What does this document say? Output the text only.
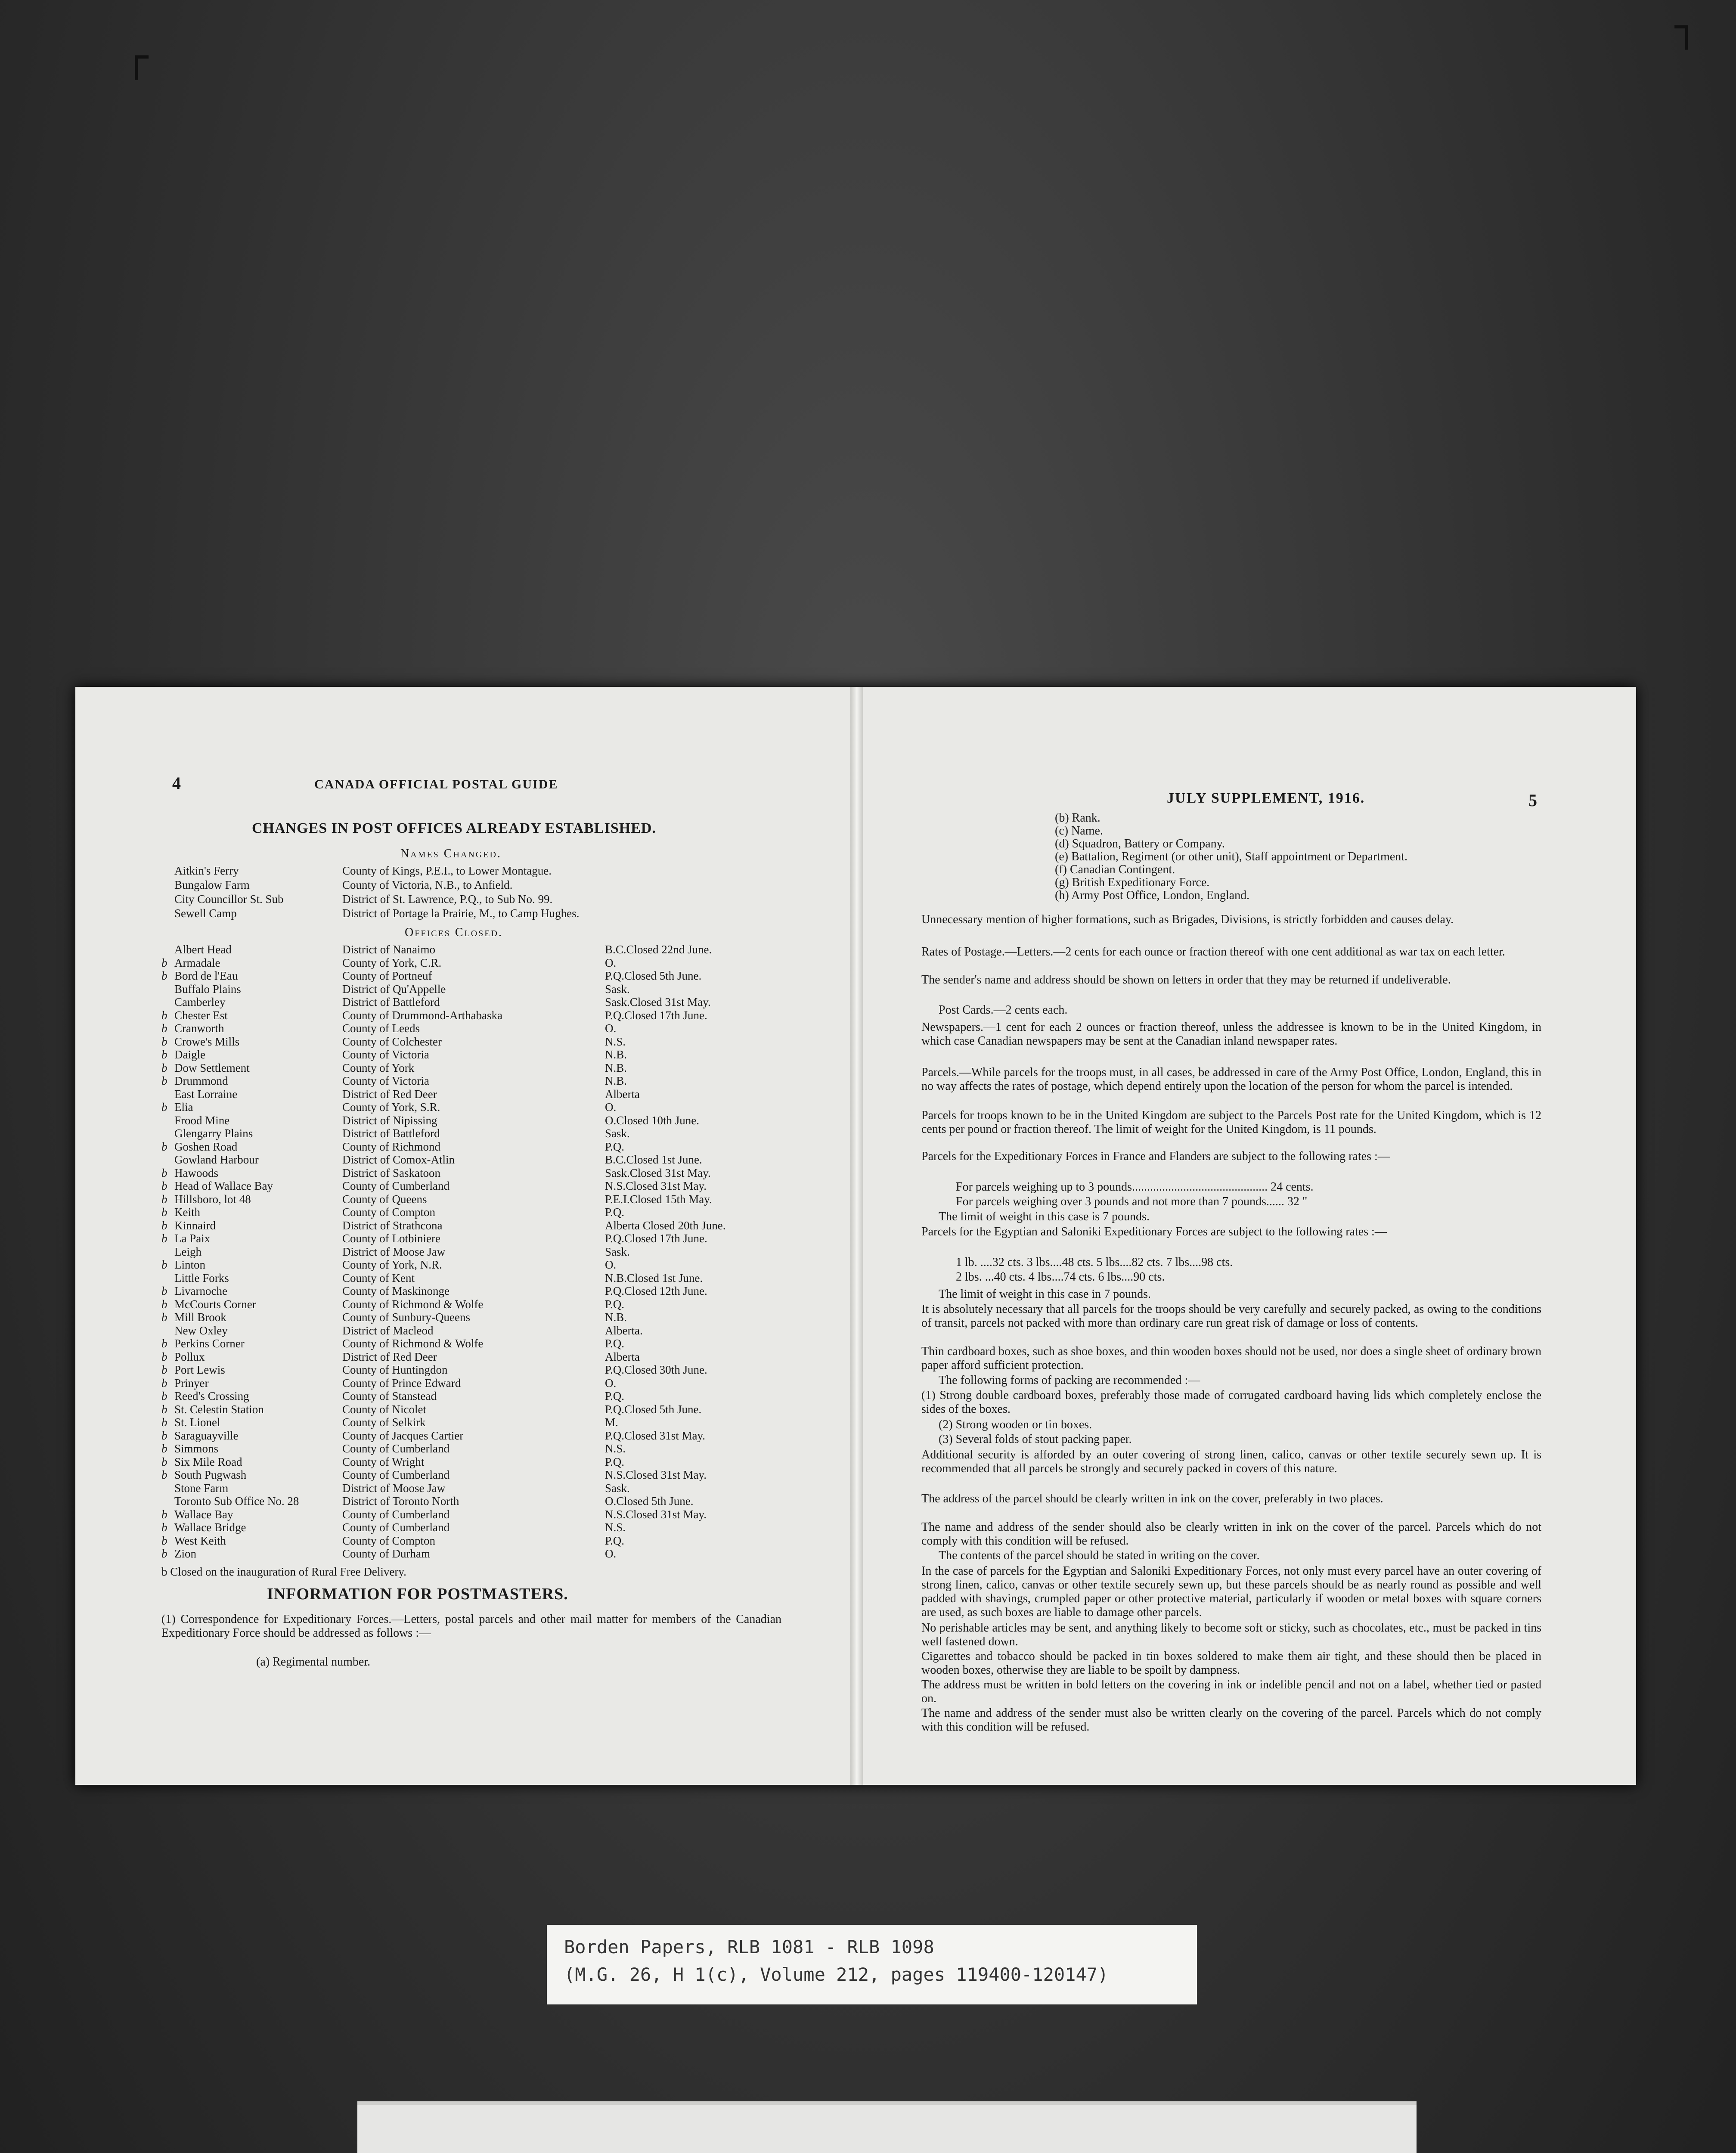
┌
┐
4	CANADA OFFICIAL POSTAL GUIDE
CHANGES IN POST OFFICES ALREADY ESTABLISHED.
Names Changed.
Aitkin's Ferry	County of Kings, P.E.I., to Lower Montague.
Bungalow Farm	County of Victoria, N.B., to Anfield.
City Councillor St. Sub	District of St. Lawrence, P.Q., to Sub No. 99.
Sewell Camp	District of Portage la Prairie, M., to Camp Hughes.
Offices Closed.
Albert Head	District of Nanaimo	B.C.Closed 22nd June.
b Armadale	County of York, C.R.	O.
b Bord de l'Eau	County of Portneuf	P.Q.Closed 5th June.
Buffalo Plains	District of Qu'Appelle	Sask.
Camberley	District of Battleford	Sask.Closed 31st May.
b Chester Est	County of Drummond-Arthabaska	P.Q.Closed 17th June.
b Cranworth	County of Leeds	O.
b Crowe's Mills	County of Colchester	N.S.
b Daigle	County of Victoria	N.B.
b Dow Settlement	County of York	N.B.
b Drummond	County of Victoria	N.B.
East Lorraine	District of Red Deer	Alberta
b Elia	County of York, S.R.	O.
Frood Mine	District of Nipissing	O.Closed 10th June.
Glengarry Plains	District of Battleford	Sask.
b Goshen Road	County of Richmond	P.Q.
Gowland Harbour	District of Comox-Atlin	B.C.Closed 1st June.
b Hawoods	District of Saskatoon	Sask.Closed 31st May.
b Head of Wallace Bay	County of Cumberland	N.S.Closed 31st May.
b Hillsboro, lot 48	County of Queens	P.E.I.Closed 15th May.
b Keith	County of Compton	P.Q.
b Kinnaird	District of Strathcona	Alberta Closed 20th June.
b La Paix	County of Lotbiniere	P.Q.Closed 17th June.
Leigh	District of Moose Jaw	Sask.
b Linton	County of York, N.R.	O.
Little Forks	County of Kent	N.B.Closed 1st June.
b Livarnoche	County of Maskinonge	P.Q.Closed 12th June.
b McCourts Corner	County of Richmond & Wolfe	P.Q.
b Mill Brook	County of Sunbury-Queens	N.B.
New Oxley	District of Macleod	Alberta.
b Perkins Corner	County of Richmond & Wolfe	P.Q.
b Pollux	District of Red Deer	Alberta
b Port Lewis	County of Huntingdon	P.Q.Closed 30th June.
b Prinyer	County of Prince Edward	O.
b Reed's Crossing	County of Stanstead	P.Q.
b St. Celestin Station	County of Nicolet	P.Q.Closed 5th June.
b St. Lionel	County of Selkirk	M.
b Saraguayville	County of Jacques Cartier	P.Q.Closed 31st May.
b Simmons	County of Cumberland	N.S.
b Six Mile Road	County of Wright	P.Q.
b South Pugwash	County of Cumberland	N.S.Closed 31st May.
Stone Farm	District of Moose Jaw	Sask.
Toronto Sub Office No. 28	District of Toronto North	O.Closed 5th June.
b Wallace Bay	County of Cumberland	N.S.Closed 31st May.
b Wallace Bridge	County of Cumberland	N.S.
b West Keith	County of Compton	P.Q.
b Zion	County of Durham	O.
b Closed on the inauguration of Rural Free Delivery.
INFORMATION FOR POSTMASTERS.
(1) Correspondence for Expeditionary Forces.—Letters, postal parcels and other mail matter for members of the Canadian Expeditionary Force should be addressed as follows :—
(a) Regimental number.
JULY SUPPLEMENT, 1916.	5
(b) Rank.
(c) Name.
(d) Squadron, Battery or Company.
(e) Battalion, Regiment (or other unit), Staff appointment or Department.
(f) Canadian Contingent.
(g) British Expeditionary Force.
(h) Army Post Office, London, England.
Unnecessary mention of higher formations, such as Brigades, Divisions, is strictly forbidden and causes delay.
Rates of Postage.—Letters.—2 cents for each ounce or fraction thereof with one cent additional as war tax on each letter.
The sender's name and address should be shown on letters in order that they may be returned if undeliverable.
Post Cards.—2 cents each.
Newspapers.—1 cent for each 2 ounces or fraction thereof, unless the addressee is known to be in the United Kingdom, in which case Canadian newspapers may be sent at the Canadian inland newspaper rates.
Parcels.—While parcels for the troops must, in all cases, be addressed in care of the Army Post Office, London, England, this in no way affects the rates of postage, which depend entirely upon the location of the person for whom the parcel is intended.
Parcels for troops known to be in the United Kingdom are subject to the Parcels Post rate for the United Kingdom, which is 12 cents per pound or fraction thereof. The limit of weight for the United Kingdom, is 11 pounds.
Parcels for the Expeditionary Forces in France and Flanders are subject to the following rates :—
For parcels weighing up to 3 pounds............................................. 24 cents.
For parcels weighing over 3 pounds and not more than 7 pounds...... 32 "
The limit of weight in this case is 7 pounds.
Parcels for the Egyptian and Saloniki Expeditionary Forces are subject to the following rates :—
1 lb. ....32 cts. 3 lbs....48 cts. 5 lbs....82 cts. 7 lbs....98 cts.
2 lbs. ...40 cts. 4 lbs....74 cts. 6 lbs....90 cts.
The limit of weight in this case in 7 pounds.
It is absolutely necessary that all parcels for the troops should be very carefully and securely packed, as owing to the conditions of transit, parcels not packed with more than ordinary care run great risk of damage or loss of contents.
Thin cardboard boxes, such as shoe boxes, and thin wooden boxes should not be used, nor does a single sheet of ordinary brown paper afford sufficient protection.
The following forms of packing are recommended :—
(1) Strong double cardboard boxes, preferably those made of corrugated cardboard having lids which completely enclose the sides of the boxes.
(2) Strong wooden or tin boxes.
(3) Several folds of stout packing paper.
Additional security is afforded by an outer covering of strong linen, calico, canvas or other textile securely sewn up. It is recommended that all parcels be strongly and securely packed in covers of this nature.
The address of the parcel should be clearly written in ink on the cover, preferably in two places.
The name and address of the sender should also be clearly written in ink on the cover of the parcel. Parcels which do not comply with this condition will be refused.
The contents of the parcel should be stated in writing on the cover.
In the case of parcels for the Egyptian and Saloniki Expeditionary Forces, not only must every parcel have an outer covering of strong linen, calico, canvas or other textile securely sewn up, but these parcels should be as nearly round as possible and well padded with shavings, crumpled paper or other protective material, particularly if wooden or metal boxes with square corners are used, as such boxes are liable to damage other parcels.
No perishable articles may be sent, and anything likely to become soft or sticky, such as chocolates, etc., must be packed in tins well fastened down.
Cigarettes and tobacco should be packed in tin boxes soldered to make them air tight, and these should then be placed in wooden boxes, otherwise they are liable to be spoilt by dampness.
The address must be written in bold letters on the covering in ink or indelible pencil and not on a label, whether tied or pasted on.
The name and address of the sender must also be written clearly on the covering of the parcel. Parcels which do not comply with this condition will be refused.
Borden Papers, RLB 1081 - RLB 1098
(M.G. 26, H 1(c), Volume 212, pages 119400-120147)
